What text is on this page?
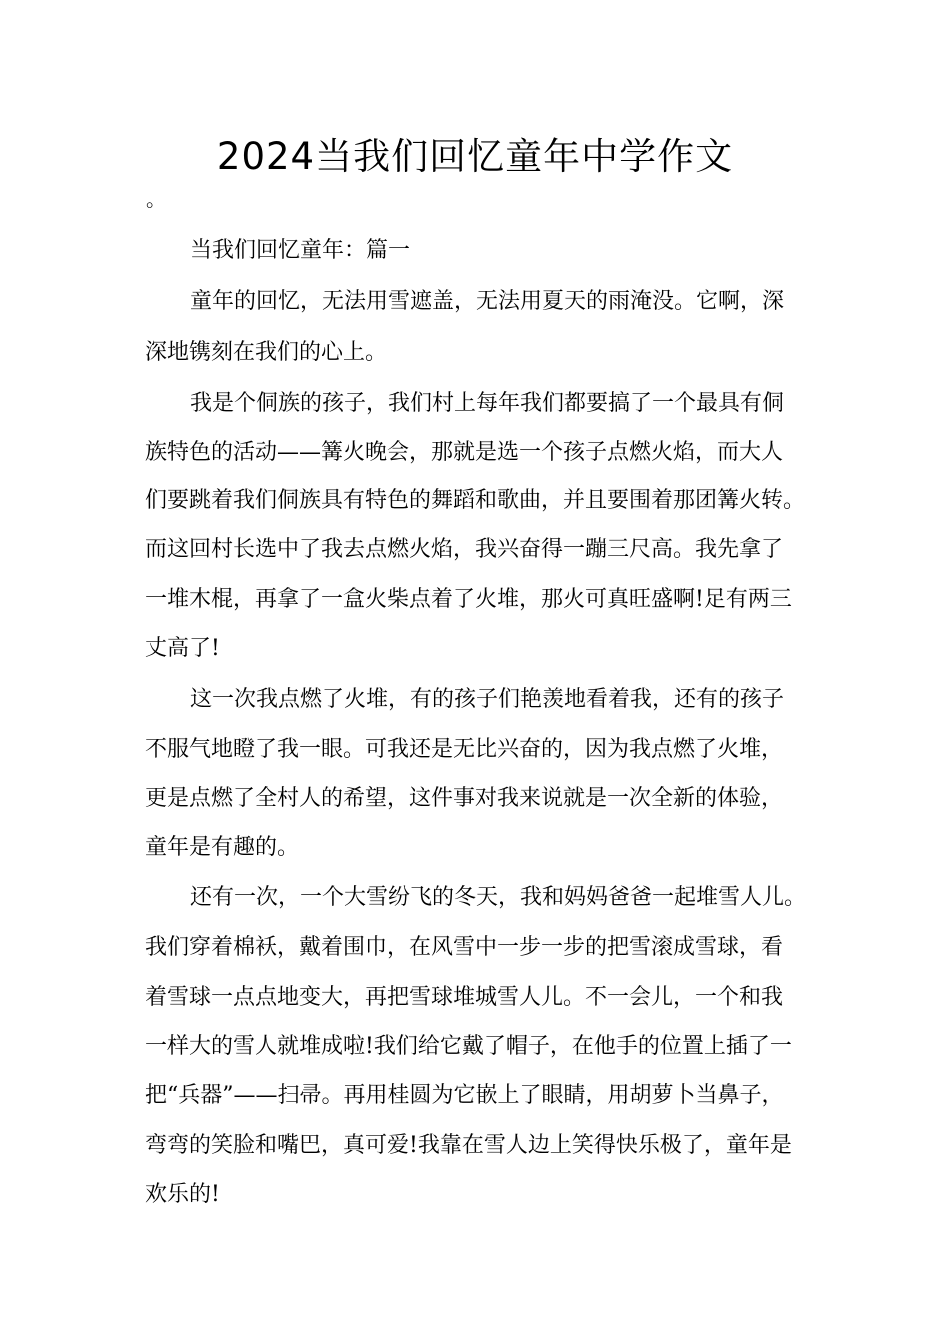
2024当我们回忆童年中学作文
。
当我们回忆童年：篇一
童年的回忆，无法用雪遮盖，无法用夏天的雨淹没。它啊，深
深地镌刻在我们的心上。
我是个侗族的孩子，我们村上每年我们都要搞了一个最具有侗
族特色的活动——篝火晚会，那就是选一个孩子点燃火焰，而大人
们要跳着我们侗族具有特色的舞蹈和歌曲，并且要围着那团篝火转。
而这回村长选中了我去点燃火焰，我兴奋得一蹦三尺高。我先拿了
一堆木棍，再拿了一盒火柴点着了火堆，那火可真旺盛啊!足有两三
丈高了!
这一次我点燃了火堆，有的孩子们艳羡地看着我，还有的孩子
不服气地瞪了我一眼。可我还是无比兴奋的，因为我点燃了火堆，
更是点燃了全村人的希望，这件事对我来说就是一次全新的体验，
童年是有趣的。
还有一次，一个大雪纷飞的冬天，我和妈妈爸爸一起堆雪人儿。
我们穿着棉袄，戴着围巾，在风雪中一步一步的把雪滚成雪球，看
着雪球一点点地变大，再把雪球堆城雪人儿。不一会儿，一个和我
一样大的雪人就堆成啦!我们给它戴了帽子，在他手的位置上插了一
把“兵器”——扫帚。再用桂圆为它嵌上了眼睛，用胡萝卜当鼻子，
弯弯的笑脸和嘴巴，真可爱!我靠在雪人边上笑得快乐极了，童年是
欢乐的!
